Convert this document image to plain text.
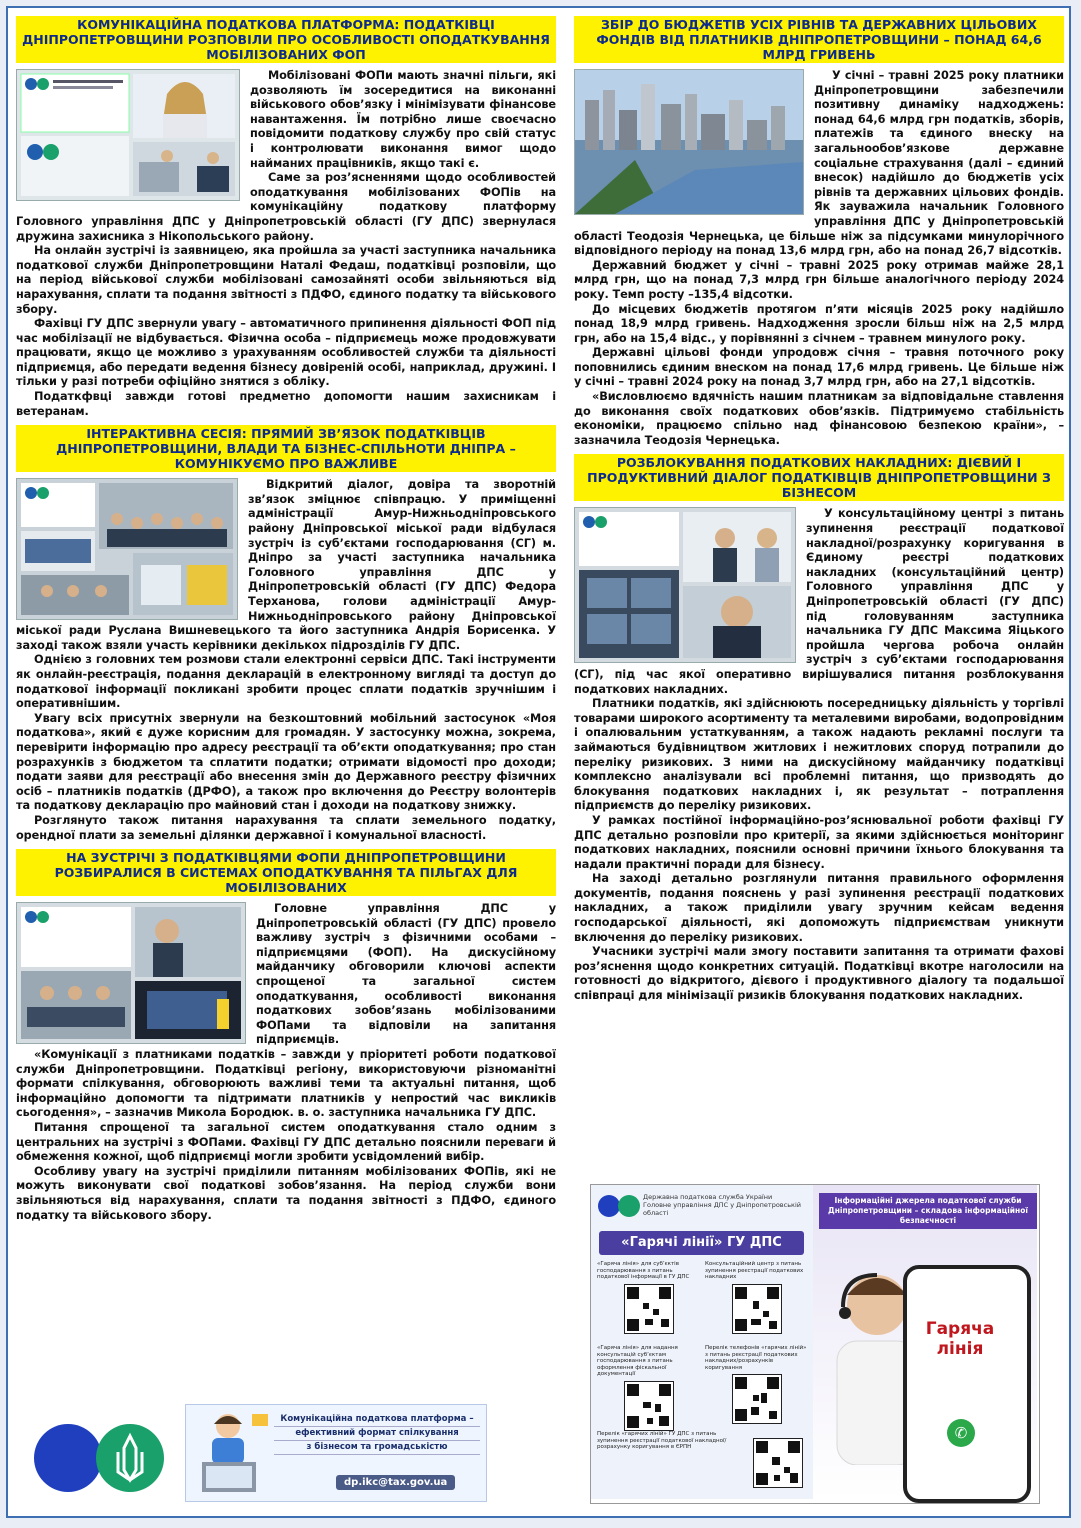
КОМУНІКАЦІЙНА ПОДАТКОВА ПЛАТФОРМА: ПОДАТКІВЦІ ДНІПРОПЕТРОВЩИНИ РОЗПОВІЛИ ПРО ОСОБЛИВОСТІ ОПОДАТКУВАННЯ МОБІЛІЗОВАНИХ ФОП

Мобілізовані ФОПи мають значні пільги, які дозволяють їм зосередитися на виконанні військового обов’язку і мінімізувати фінансове навантаження. Їм потрібно лише своєчасно повідомити податкову службу про свій статус і контролювати виконання вимог щодо найманих працівників, якщо такі є.

Саме за роз’ясненнями щодо особливостей оподаткування мобілізованих ФОПів на комунікаційну податкову платформу Головного управління ДПС у Дніпропетровській області (ГУ ДПС) звернулася дружина захисника з Нікопольського району.

На онлайн зустрічі із заявницею, яка пройшла за участі заступника начальника податкової служби Дніпропетровщини Наталі Федаш, податківці розповіли, що на період військової служби мобілізовані самозайняті особи звільняються від нарахування, сплати та подання звітності з ПДФО, єдиного податку та військового збору.

Фахівці ГУ ДПС звернули увагу – автоматичного припинення діяльності ФОП під час мобілізації не відбувається. Фізична особа – підприємець може продовжувати працювати, якщо це можливо з урахуванням особливостей служби та діяльності підприємця, або передати ведення бізнесу довіреній особі, наприклад, дружині. І тільки у разі потреби офіційно знятися з обліку.

Податкфвці завжди готові предметно допомогти нашим захисникам і ветеранам.

ІНТЕРАКТИВНА СЕСІЯ: ПРЯМИЙ ЗВ’ЯЗОК ПОДАТКІВЦІВ ДНІПРОПЕТРОВЩИНИ, ВЛАДИ ТА БІЗНЕС-СПІЛЬНОТИ ДНІПРА – КОМУНІКУЄМО ПРО ВАЖЛИВЕ

Відкритий діалог, довіра та зворотній зв’язок зміцнює співпрацю. У приміщенні адміністрації Амур-Нижньодніпровського району Дніпровської міської ради відбулася зустріч із суб’єктами господарювання (СГ) м. Дніпро за участі заступника начальника Головного управління ДПС у Дніпропетровській області (ГУ ДПС) Федора Терханова, голови адміністрації Амур-Нижньодніпровського району Дніпровської міської ради Руслана Вишневецького та його заступника Андрія Борисенка. У заході також взяли участь керівники декількох підрозділів ГУ ДПС.

Однією з головних тем розмови стали електронні сервіси ДПС. Такі інструменти як онлайн-реєстрація, подання декларацій в електронному вигляді та доступ до податкової інформації покликані зробити процес сплати податків зручнішим і оперативнішим.

Увагу всіх присутніх звернули на безкоштовний мобільний застосунок «Моя податкова», який є дуже корисним для громадян. У застосунку можна, зокрема, перевірити інформацію про адресу реєстрації та об’єкти оподаткування; про стан розрахунків з бюджетом та сплатити податки; отримати відомості про доходи; подати заяви для реєстрації або внесення змін до Державного реєстру фізичних осіб – платників податків (ДРФО), а також про включення до Реєстру волонтерів та податкову декларацію про майновий стан і доходи на податкову знижку.

Розглянуто також питання нарахування та сплати земельного податку, орендної плати за земельні ділянки державної і комунальної власності.

НА ЗУСТРІЧІ З ПОДАТКІВЦЯМИ ФОПИ ДНІПРОПЕТРОВЩИНИ РОЗБИРАЛИСЯ В СИСТЕМАХ ОПОДАТКУВАННЯ ТА ПІЛЬГАХ ДЛЯ МОБІЛІЗОВАНИХ

Головне управління ДПС у Дніпропетровській області (ГУ ДПС) провело важливу зустріч з фізичними особами – підприємцями (ФОП). На дискусійному майданчику обговорили ключові аспекти спрощеної та загальної систем оподаткування, особливості виконання податкових зобов’язань мобілізованими ФОПами та відповіли на запитання підприємців.

«Комунікації з платниками податків – завжди у пріоритеті роботи податкової служби Дніпропетровщини. Податківці регіону, використовуючи різноманітні формати спілкування, обговорюють важливі теми та актуальні питання, щоб інформаційно допомогти та підтримати платників у непростий час викликів сьогодення», – зазначив Микола Бородюк. в. о. заступника начальника ГУ ДПС.

Питання спрощеної та загальної систем оподаткування стало одним з центральних на зустрічі з ФОПами. Фахівці ГУ ДПС детально пояснили переваги й обмеження кожної, щоб підприємці могли зробити усвідомлений вибір.

Особливу увагу на зустрічі приділили питанням мобілізованих ФОПів, які не можуть виконувати свої податкові зобов’язання. На період служби вони звільняються від нарахування, сплати та подання звітності з ПДФО, єдиного податку та військового збору.

ЗБІР ДО БЮДЖЕТІВ УСІХ РІВНІВ ТА ДЕРЖАВНИХ ЦІЛЬОВИХ ФОНДІВ ВІД ПЛАТНИКІВ ДНІПРОПЕТРОВЩИНИ – ПОНАД 64,6 МЛРД ГРИВЕНЬ

У січні – травні 2025 року платники Дніпропетровщини забезпечили позитивну динаміку надходжень: понад 64,6 млрд грн податків, зборів, платежів та єдиного внеску на загальнообов’язкове державне соціальне страхування (далі – єдиний внесок) надійшло до бюджетів усіх рівнів та державних цільових фондів. Як зауважила начальник Головного управління ДПС у Дніпропетровській області Теодозія Чернецька, це більше ніж за підсумками минулорічного відповідного періоду на понад 13,6 млрд грн, або на понад 26,7 відсотків.

Державний бюджет у січні – травні 2025 року отримав майже 28,1 млрд грн, що на понад 7,3 млрд грн більше аналогічного періоду 2024 року. Темп росту –135,4 відсотки.

До місцевих бюджетів протягом п’яти місяців 2025 року надійшло понад 18,9 млрд гривень. Надходження зросли більш ніж на 2,5 млрд грн, або на 15,4 відс., у порівнянні з січнем – травнем минулого року.

Державні цільові фонди упродовж січня – травня поточного року поповнились єдиним внеском на понад 17,6 млрд гривень. Це більше ніж у січні – травні 2024 року на понад 3,7 млрд грн, або на 27,1 відсотків.

«Висловлюємо вдячність нашим платникам за відповідальне ставлення до виконання своїх податкових обов’язків. Підтримуємо стабільність економіки, працюємо спільно над фінансовою безпекою країни», – зазначила Теодозія Чернецька.

РОЗБЛОКУВАННЯ ПОДАТКОВИХ НАКЛАДНИХ: ДІЄВИЙ І ПРОДУКТИВНИЙ ДІАЛОГ ПОДАТКІВЦІВ ДНІПРОПЕТРОВЩИНИ З БІЗНЕСОМ

У консультаційному центрі з питань зупинення реєстрації податкової накладної/розрахунку коригування в Єдиному реєстрі податкових накладних (консультаційний центр) Головного управління ДПС у Дніпропетровській області (ГУ ДПС) під головуванням заступника начальника ГУ ДПС Максима Яіцького пройшла чергова робоча онлайн зустріч з суб’єктами господарювання (СГ), під час якої оперативно вирішувалися питання розблокування податкових накладних.

Платники податків, які здійснюють посередницьку діяльність у торгівлі товарами широкого асортименту та металевими виробами, водопровідним і опалювальним устаткуванням, а також надають рекламні послуги та займаються будівництвом житлових і нежитлових споруд потрапили до переліку ризикових. З ними на дискусійному майданчику податківці комплексно аналізували всі проблемні питання, що призводять до блокування податкових накладних і, як результат – потраплення підприємств до переліку ризикових.

У рамках постійної інформаційно-роз’яснювальної роботи фахівці ГУ ДПС детально розповіли про критерії, за якими здійснюється моніторинг податкових накладних, пояснили основні причини їхнього блокування та надали практичні поради для бізнесу.

На заході детально розглянули питання правильного оформлення документів, подання пояснень у разі зупинення реєстрації податкових накладних, а також приділили увагу зручним кейсам ведення господарської діяльності, які допоможуть підприємствам уникнути включення до переліку ризикових.

Учасники зустрічі мали змогу поставити запитання та отримати фахові роз’яснення щодо конкретних ситуацій. Податківці вкотре наголосили на готовності до відкритого, дієвого і продуктивного діалогу та подальшої співпраці для мінімізації ризиків блокування податкових накладних.

Комунікаційна податкова платформа –
ефективний формат спілкування
з бізнесом та громадськістю
dp.ikc@tax.gov.ua
Державна податкова служба України
Головне управління ДПС у Дніпропетровській області
«Гарячі лінії» ГУ ДПС
«Гаряча лінія» для суб’єктів господарювання з питань податкової інформації в ГУ ДПС
Консультаційний центр з питань зупинення реєстрації податкових накладних
«Гаряча лінія» для надання консультацій суб’єктам господарювання з питань оформлення фіскальної документації
Перелік телефонів «гарячих ліній» з питань реєстрації податкових накладних/розрахунків коригування
Перелік «гарячих ліній» ГУ ДПС з питань зупинення реєстрації податкової накладної/розрахунку коригування в ЄРПН
Інформаційні джерела податкової служби Дніпропетровщини – складова інформаційної безпаєчності
Гаряча лінія
✆
